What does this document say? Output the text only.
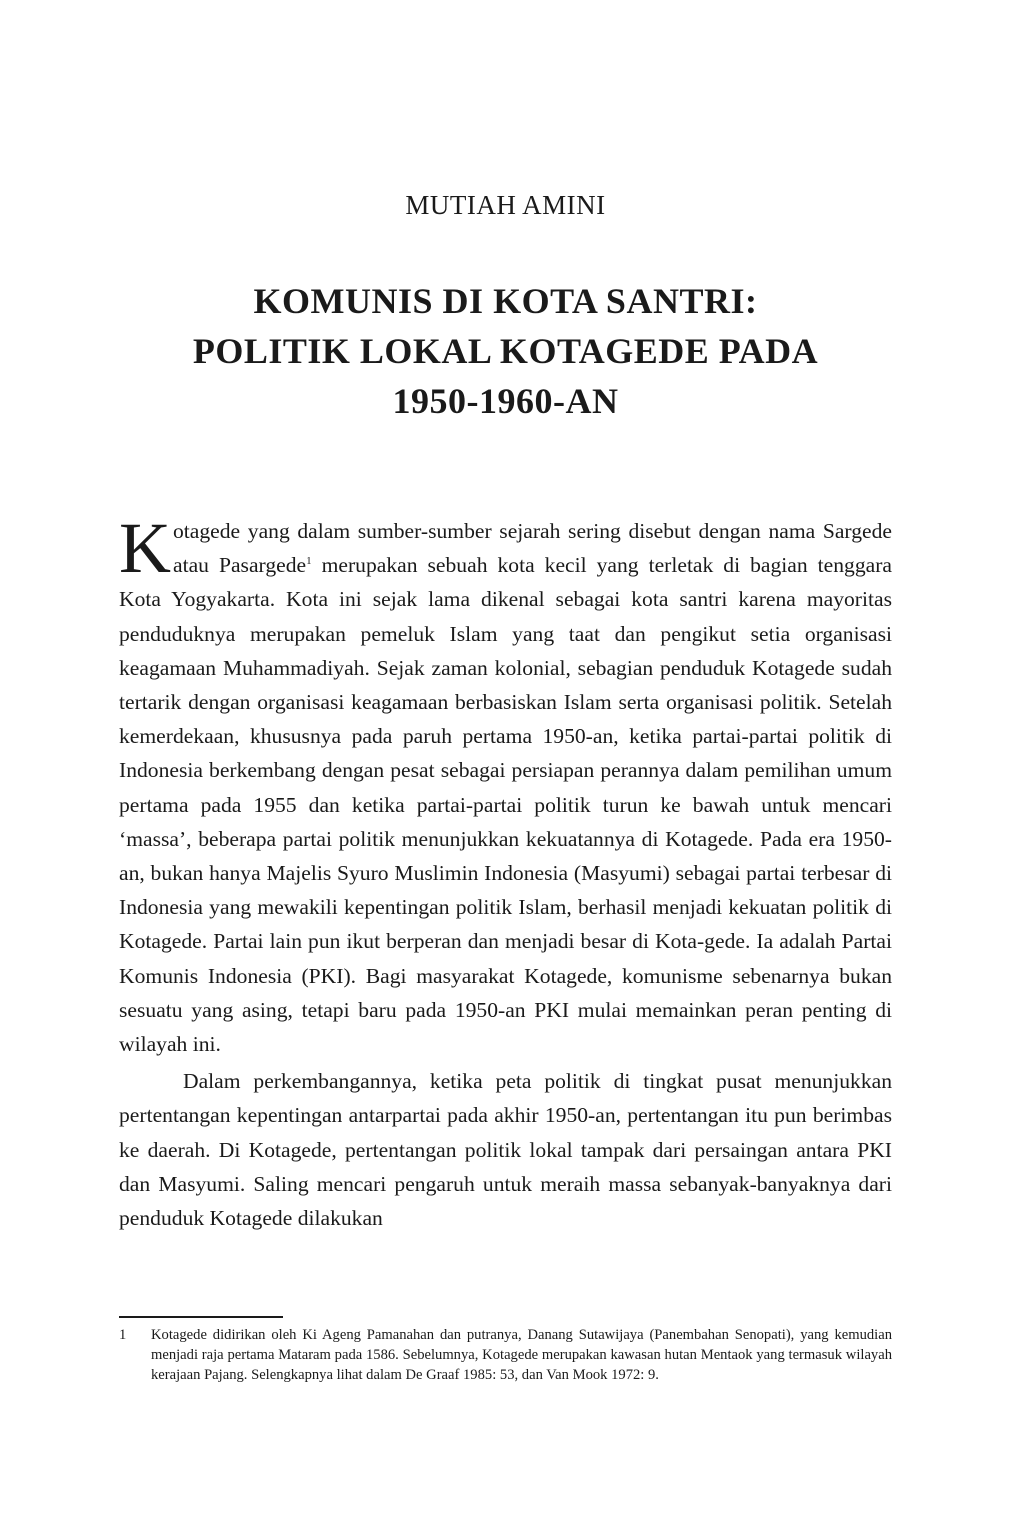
MUTIAH AMINI
KOMUNIS DI KOTA SANTRI:
POLITIK LOKAL KOTAGEDE PADA
1950-1960-AN

Kotagede yang dalam sumber-sumber sejarah sering disebut dengan nama Sargede atau Pasargede$^1$ merupakan sebuah kota kecil yang terletak di bagian tenggara Kota Yogyakarta. Kota ini sejak lama dikenal sebagai kota santri karena mayoritas penduduknya merupakan pemeluk Islam yang taat dan pengikut setia organisasi keagamaan Muhammadiyah. Sejak zaman kolonial, sebagian penduduk Kotagede sudah tertarik dengan organisasi keagamaan berbasiskan Islam serta organisasi politik. Setelah kemerdekaan, khususnya pada paruh pertama 1950-an, ketika partai-partai politik di Indonesia berkembang dengan pesat sebagai persiapan perannya dalam pemilihan umum pertama pada 1955 dan ketika partai-partai politik turun ke bawah untuk mencari ‘massa’, beberapa partai politik menunjukkan kekuatannya di Kotagede. Pada era 1950-an, bukan hanya Majelis Syuro Muslimin Indonesia (Masyumi) sebagai partai terbesar di Indonesia yang mewakili kepentingan politik Islam, berhasil menjadi kekuatan politik di Kotagede. Partai lain pun ikut berperan dan menjadi besar di Kota-gede. Ia adalah Partai Komunis Indonesia (PKI). Bagi masyarakat Kotagede, komunisme sebenarnya bukan sesuatu yang asing, tetapi baru pada 1950-an PKI mulai memainkan peran penting di wilayah ini.

Dalam perkembangannya, ketika peta politik di tingkat pusat menunjukkan pertentangan kepentingan antarpartai pada akhir 1950-an, pertentangan itu pun berimbas ke daerah. Di Kotagede, pertentangan politik lokal tampak dari persaingan antara PKI dan Masyumi. Saling mencari pengaruh untuk meraih massa sebanyak-banyaknya dari penduduk Kotagede dilakukan

1	Kotagede didirikan oleh Ki Ageng Pamanahan dan putranya, Danang Sutawijaya (Panembahan Senopati), yang kemudian menjadi raja pertama Mataram pada 1586. Sebelumnya, Kotagede merupakan kawasan hutan Mentaok yang termasuk wilayah kerajaan Pajang. Selengkapnya lihat dalam De Graaf 1985: 53, dan Van Mook 1972: 9.
